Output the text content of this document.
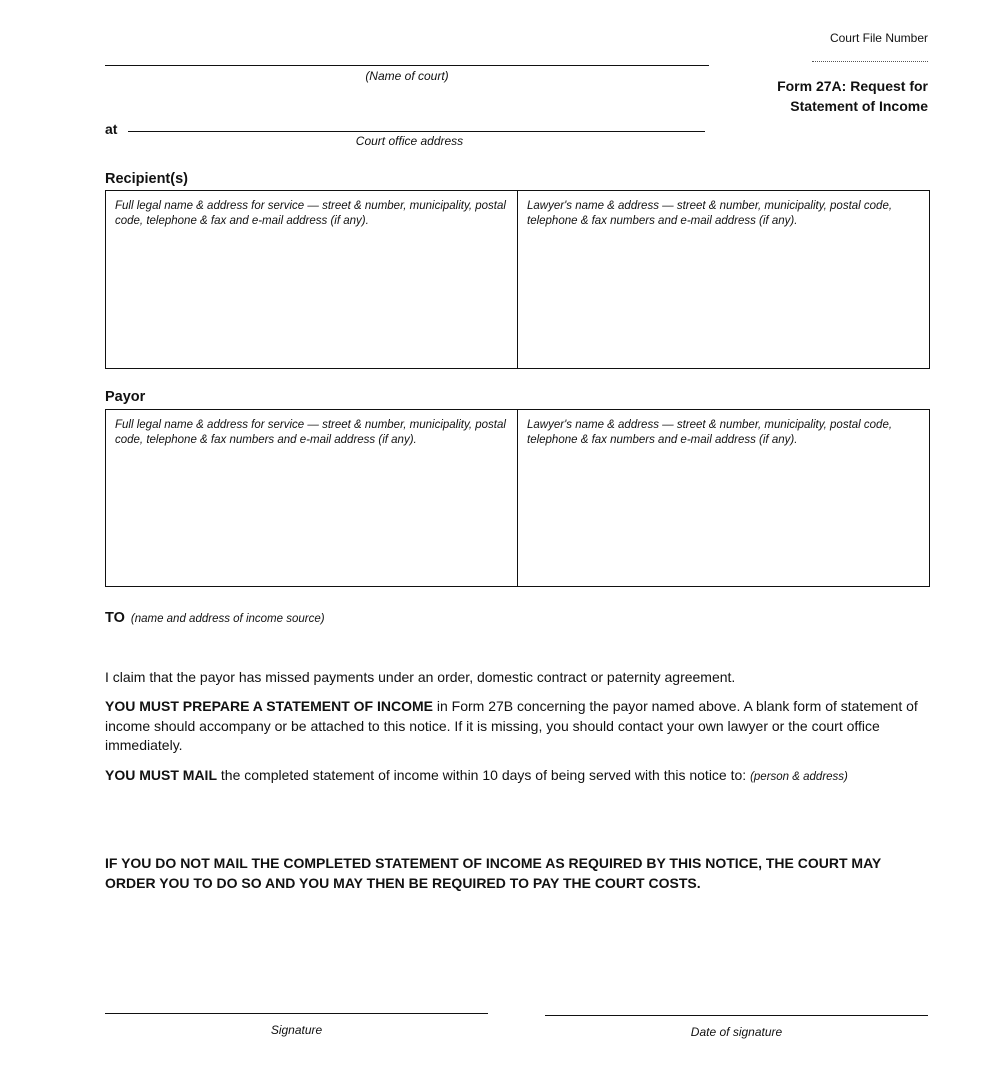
Court File Number
Form 27A: Request for
Statement of Income
(Name of court)
at
Court office address
Recipient(s)
Full legal name & address for service — street & number, municipality, postal code, telephone & fax and e-mail address (if any).
Lawyer's name & address — street & number, municipality, postal code, telephone & fax numbers and e-mail address (if any).
Payor
Full legal name & address for service — street & number, municipality, postal code, telephone & fax numbers and e-mail address (if any).
Lawyer's name & address — street & number, municipality, postal code, telephone & fax numbers and e-mail address (if any).
TO (name and address of income source)
I claim that the payor has missed payments under an order, domestic contract or paternity agreement.
YOU MUST PREPARE A STATEMENT OF INCOME in Form 27B concerning the payor named above. A blank form of statement of income should accompany or be attached to this notice. If it is missing, you should contact your own lawyer or the court office immediately.
YOU MUST MAIL the completed statement of income within 10 days of being served with this notice to: (person & address)
IF YOU DO NOT MAIL THE COMPLETED STATEMENT OF INCOME AS REQUIRED BY THIS NOTICE, THE COURT MAY ORDER YOU TO DO SO AND YOU MAY THEN BE REQUIRED TO PAY THE COURT COSTS.
Signature	Date of signature
